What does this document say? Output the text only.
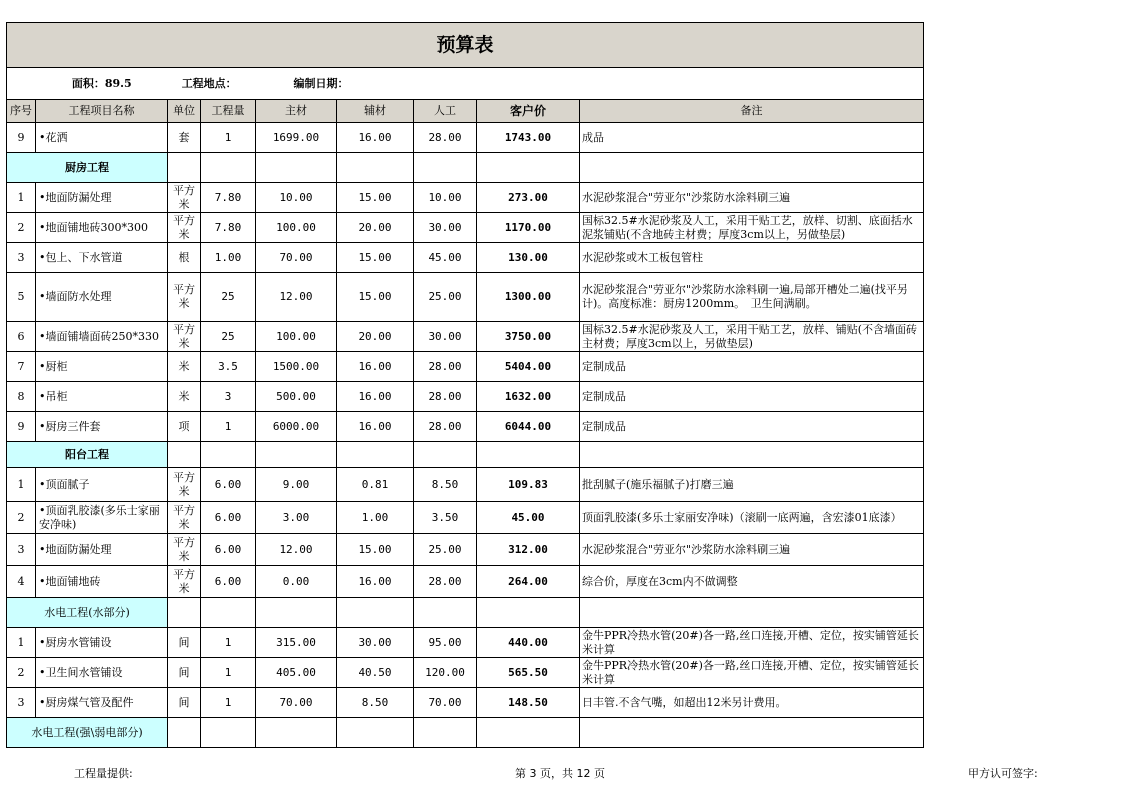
预算表								
面积：89.5 工程地点： 编制日期：								
序号	工程项目名称	单位	工程量	主材	辅材	人工	客户价	备注
9	•花洒	套	1	1699.00	16.00	28.00	1743.00	成品
厨房工程								
1	•地面防漏处理	平方米	7.80	10.00	15.00	10.00	273.00	水泥砂浆混合"劳亚尔"沙浆防水涂料刷三遍
2	•地面铺地砖300*300	平方米	7.80	100.00	20.00	30.00	1170.00	国标32.5#水泥砂浆及人工，采用干贴工艺，放样、切割、底面括水泥浆铺贴(不含地砖主材费；厚度3cm以上，另做垫层)
3	•包上、下水管道	根	1.00	70.00	15.00	45.00	130.00	水泥砂浆或木工板包管柱
5	•墙面防水处理	平方米	25	12.00	15.00	25.00	1300.00	水泥砂浆混合"劳亚尔"沙浆防水涂料刷一遍,局部开槽处二遍(找平另计)。高度标准：厨房1200mm。　卫生间满刷。
6	•墙面铺墙面砖250*330	平方米	25	100.00	20.00	30.00	3750.00	国标32.5#水泥砂浆及人工，采用干贴工艺，放样、铺贴(不含墙面砖主材费；厚度3cm以上，另做垫层)
7	•厨柜	米	3.5	1500.00	16.00	28.00	5404.00	定制成品
8	•吊柜	米	3	500.00	16.00	28.00	1632.00	定制成品
9	•厨房三件套	项	1	6000.00	16.00	28.00	6044.00	定制成品
阳台工程								
1	•顶面腻子	平方米	6.00	9.00	0.81	8.50	109.83	批刮腻子(施乐福腻子)打磨三遍
2	•顶面乳胶漆(多乐士家丽安净味)	平方米	6.00	3.00	1.00	3.50	45.00	顶面乳胶漆(多乐士家丽安净味)（滚刷一底两遍，含宏漆01底漆）
3	•地面防漏处理	平方米	6.00	12.00	15.00	25.00	312.00	水泥砂浆混合"劳亚尔"沙浆防水涂料刷三遍
4	•地面铺地砖	平方米	6.00	0.00	16.00	28.00	264.00	综合价，厚度在3cm内不做调整
水电工程(水部分)								
1	•厨房水管铺设	间	1	315.00	30.00	95.00	440.00	金牛PPR冷热水管(20#)各一路,丝口连接,开槽、定位，按实铺管延长米计算
2	•卫生间水管铺设	间	1	405.00	40.50	120.00	565.50	金牛PPR冷热水管(20#)各一路,丝口连接,开槽、定位，按实铺管延长米计算
3	•厨房煤气管及配件	间	1	70.00	8.50	70.00	148.50	日丰管.不含气嘴，如超出12米另计费用。
水电工程(强\弱电部分)								
工程量提供:	第 3 页，共 12 页	甲方认可签字:
